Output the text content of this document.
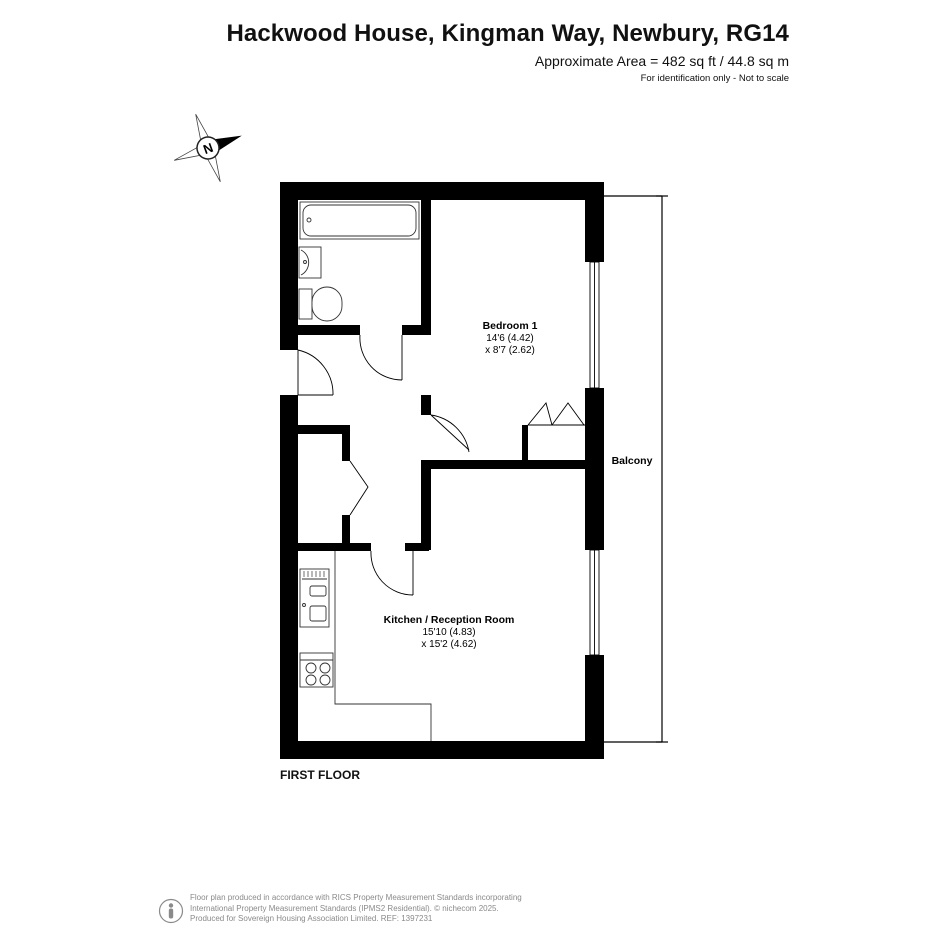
Hackwood House, Kingman Way, Newbury, RG14
Approximate Area = 482 sq ft / 44.8 sq m
For identification only - Not to scale
N
Bedroom 1
14'6 (4.42)
x 8'7 (2.62)
Kitchen / Reception Room
15'10 (4.83)
x 15'2 (4.62)
Balcony
FIRST FLOOR
Floor plan produced in accordance with RICS Property Measurement Standards incorporating
International Property Measurement Standards (IPMS2 Residential). © nichecom 2025.
Produced for Sovereign Housing Association Limited. REF: 1397231
